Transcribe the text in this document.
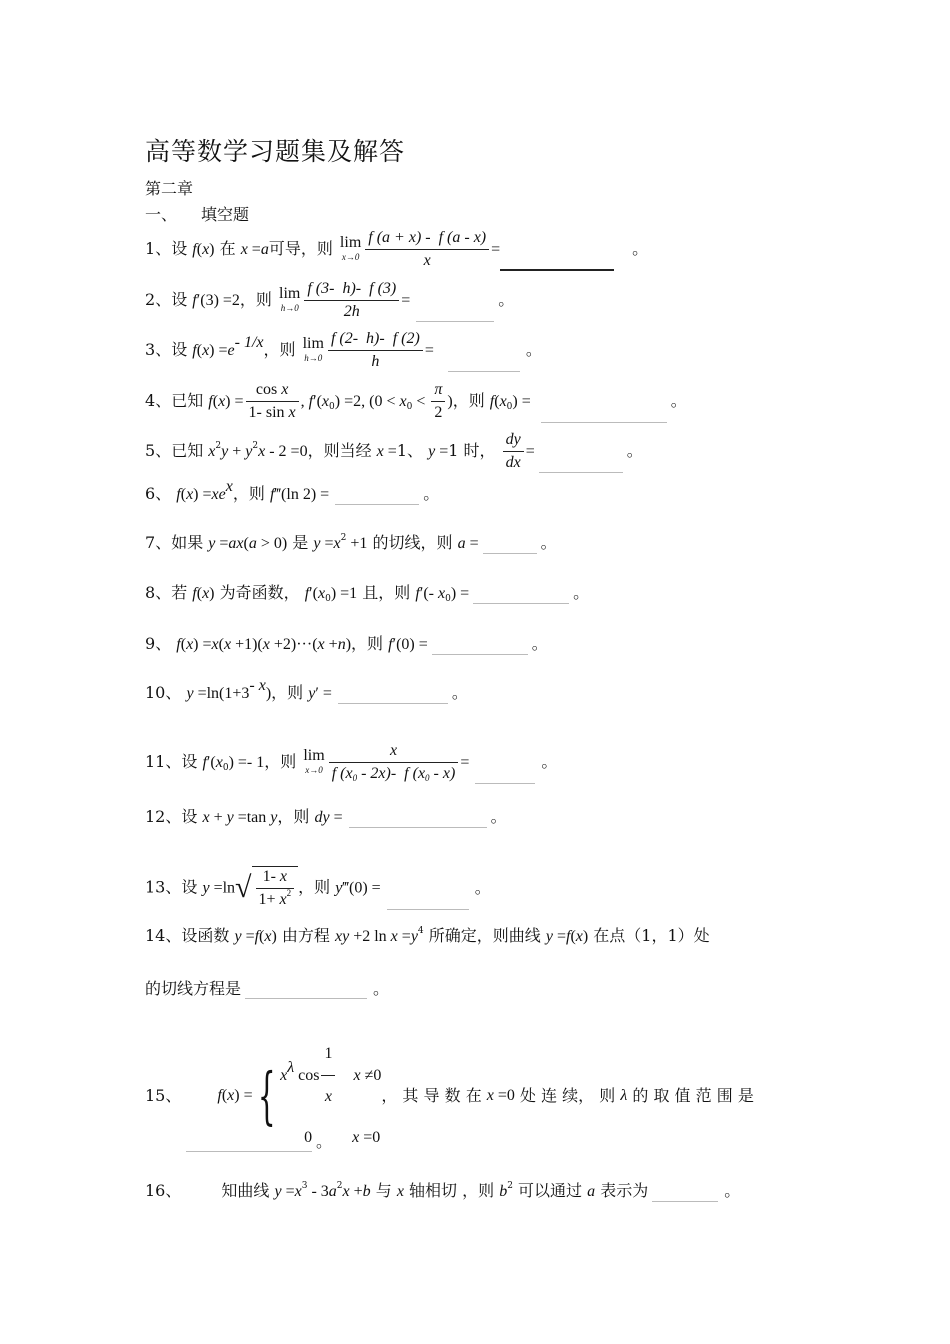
高等数学习题集及解答
第二章
一、 填空题
1、设 f(x) 在 x =a可导，则 lim
$x\to 0 \frac{f (a + x) - f (a - x)}{x}$ =	。
2、设 f′(3) =2，则 lim
$h\to 0 \frac{f (3- h)- f (3)}{2h}$ =	。
3、设 $f(x) =e^{- 1/x}$，则 lim
$h\to 0 \frac{f (2- h)- f (2)}{h}$ =	。
4、已知 $f(x) = \frac{\text{cos x}}{\text{1- sin x}}$ , $f'(x_0) =2$, ($0 < x_0 < \frac{\pi}{2}$ )，则 $f(x_0)$ =	。
5、已知 $x^2y + y^2x - 2 =0$，则当经 x =1、 y =1 时， $\frac{dy}{dx}$ =	。
6、 $f(x) =xe^x$，则 f‴(ln 2) =	。
7、如果 y =ax(a > 0) 是 $y =x^2 +1$ 的切线，则 a =	。
8、若 f(x) 为奇函数， $f'(x_0) =1$ 且，则 f′(- $x_0$) =	。
9、 f(x) =x(x +1)(x +2)···(x +n)，则 f′(0) =	。
10、 $y =\ln(1+3^{- x})$，则 y′ =	。
11、设 $f'(x_0) =- 1$，则 lim
$x\to 0 \frac{x}{f (x_0 - 2x)- f (x_0 - x)}$ =	。
12、设 x + y =tan y，则 dy =	。
13、设 $y =\ln√ \frac{1- x}{1+ x^2}$ ，则 y‴(0) =	。
14、设函数 y =f(x) 由方程 xy +2 $\ln x =y^4$ 所确定，则曲线 y =f(x) 在点（1，1）处
的切线方程是	。
15、 f(x) ={ $x^\lambda$ $\cos \frac{1}{x}$ x ≠0
0	x =0
， 其 导 数 在 x =0 处 连 续， 则 λ 的 取 值 范 围 是
。
16、	知曲线 $y =x^3 - 3a^2x +b$ 与 x 轴相切 ，则 $b^2$ 可以通过 a 表示为	。
